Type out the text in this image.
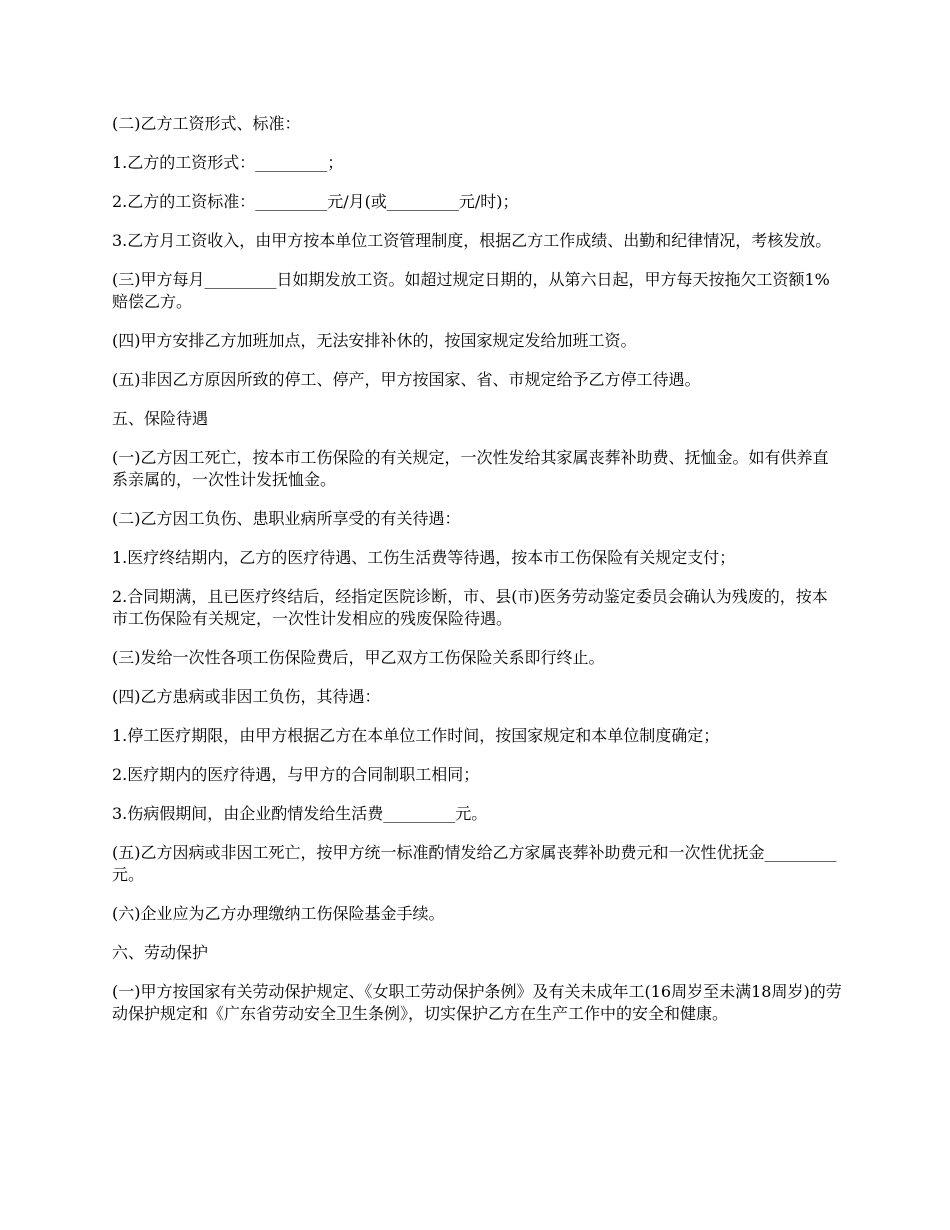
(二)乙方工资形式、标准：

1.乙方的工资形式：_________；

2.乙方的工资标准：_________元/月(或_________元/时)；

3.乙方月工资收入，由甲方按本单位工资管理制度，根据乙方工作成绩、出勤和纪律情况，考核发放。

(三)甲方每月_________日如期发放工资。如超过规定日期的，从第六日起，甲方每天按拖欠工资额1%赔偿乙方。

(四)甲方安排乙方加班加点，无法安排补休的，按国家规定发给加班工资。

(五)非因乙方原因所致的停工、停产，甲方按国家、省、市规定给予乙方停工待遇。

五、保险待遇

(一)乙方因工死亡，按本市工伤保险的有关规定，一次性发给其家属丧葬补助费、抚恤金。如有供养直系亲属的，一次性计发抚恤金。

(二)乙方因工负伤、患职业病所享受的有关待遇：

1.医疗终结期内，乙方的医疗待遇、工伤生活费等待遇，按本市工伤保险有关规定支付；

2.合同期满，且已医疗终结后，经指定医院诊断，市、县(市)医务劳动鉴定委员会确认为残废的，按本市工伤保险有关规定，一次性计发相应的残废保险待遇。

(三)发给一次性各项工伤保险费后，甲乙双方工伤保险关系即行终止。

(四)乙方患病或非因工负伤，其待遇：

1.停工医疗期限，由甲方根据乙方在本单位工作时间，按国家规定和本单位制度确定；

2.医疗期内的医疗待遇，与甲方的合同制职工相同；

3.伤病假期间，由企业酌情发给生活费_________元。

(五)乙方因病或非因工死亡，按甲方统一标准酌情发给乙方家属丧葬补助费元和一次性优抚金_________元。

(六)企业应为乙方办理缴纳工伤保险基金手续。

六、劳动保护

(一)甲方按国家有关劳动保护规定、《女职工劳动保护条例》及有关未成年工(16周岁至未满18周岁)的劳动保护规定和《广东省劳动安全卫生条例》，切实保护乙方在生产工作中的安全和健康。
